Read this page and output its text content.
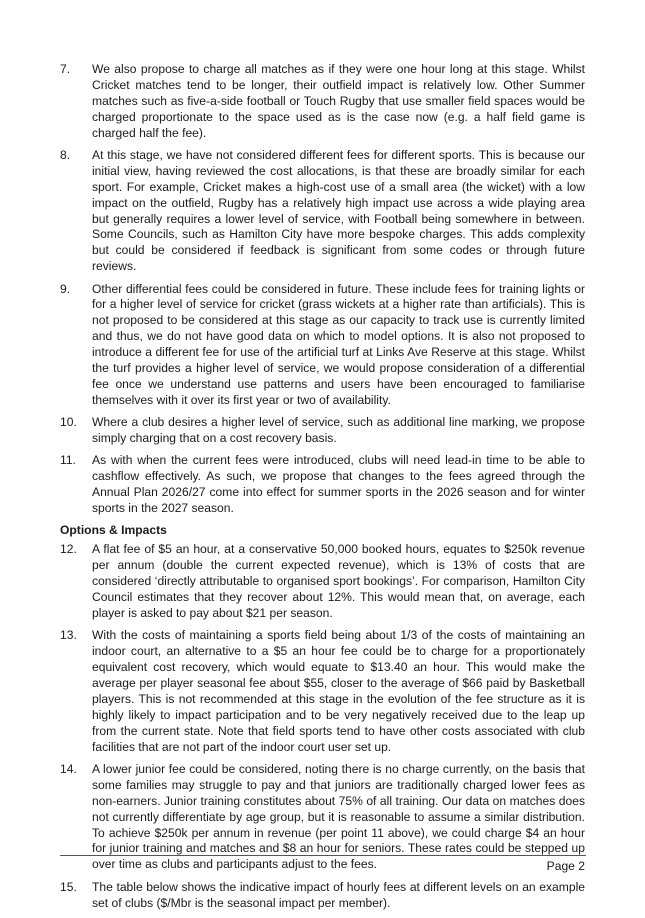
7.	We also propose to charge all matches as if they were one hour long at this stage. Whilst Cricket matches tend to be longer, their outfield impact is relatively low. Other Summer matches such as five-a-side football or Touch Rugby that use smaller field spaces would be charged proportionate to the space used as is the case now (e.g. a half field game is charged half the fee).
8.	At this stage, we have not considered different fees for different sports. This is because our initial view, having reviewed the cost allocations, is that these are broadly similar for each sport. For example, Cricket makes a high-cost use of a small area (the wicket) with a low impact on the outfield, Rugby has a relatively high impact use across a wide playing area but generally requires a lower level of service, with Football being somewhere in between. Some Councils, such as Hamilton City have more bespoke charges. This adds complexity but could be considered if feedback is significant from some codes or through future reviews.
9.	Other differential fees could be considered in future. These include fees for training lights or for a higher level of service for cricket (grass wickets at a higher rate than artificials). This is not proposed to be considered at this stage as our capacity to track use is currently limited and thus, we do not have good data on which to model options. It is also not proposed to introduce a different fee for use of the artificial turf at Links Ave Reserve at this stage. Whilst the turf provides a higher level of service, we would propose consideration of a differential fee once we understand use patterns and users have been encouraged to familiarise themselves with it over its first year or two of availability.
10.	Where a club desires a higher level of service, such as additional line marking, we propose simply charging that on a cost recovery basis.
11.	As with when the current fees were introduced, clubs will need lead-in time to be able to cashflow effectively. As such, we propose that changes to the fees agreed through the Annual Plan 2026/27 come into effect for summer sports in the 2026 season and for winter sports in the 2027 season.
Options & Impacts
12.	A flat fee of $5 an hour, at a conservative 50,000 booked hours, equates to $250k revenue per annum (double the current expected revenue), which is 13% of costs that are considered ‘directly attributable to organised sport bookings’. For comparison, Hamilton City Council estimates that they recover about 12%. This would mean that, on average, each player is asked to pay about $21 per season.
13.	With the costs of maintaining a sports field being about 1/3 of the costs of maintaining an indoor court, an alternative to a $5 an hour fee could be to charge for a proportionately equivalent cost recovery, which would equate to $13.40 an hour. This would make the average per player seasonal fee about $55, closer to the average of $66 paid by Basketball players. This is not recommended at this stage in the evolution of the fee structure as it is highly likely to impact participation and to be very negatively received due to the leap up from the current state. Note that field sports tend to have other costs associated with club facilities that are not part of the indoor court user set up.
14.	A lower junior fee could be considered, noting there is no charge currently, on the basis that some families may struggle to pay and that juniors are traditionally charged lower fees as non-earners. Junior training constitutes about 75% of all training. Our data on matches does not currently differentiate by age group, but it is reasonable to assume a similar distribution. To achieve $250k per annum in revenue (per point 11 above), we could charge $4 an hour for junior training and matches and $8 an hour for seniors. These rates could be stepped up over time as clubs and participants adjust to the fees.
15.	The table below shows the indicative impact of hourly fees at different levels on an example set of clubs ($/Mbr is the seasonal impact per member).
Page 2
